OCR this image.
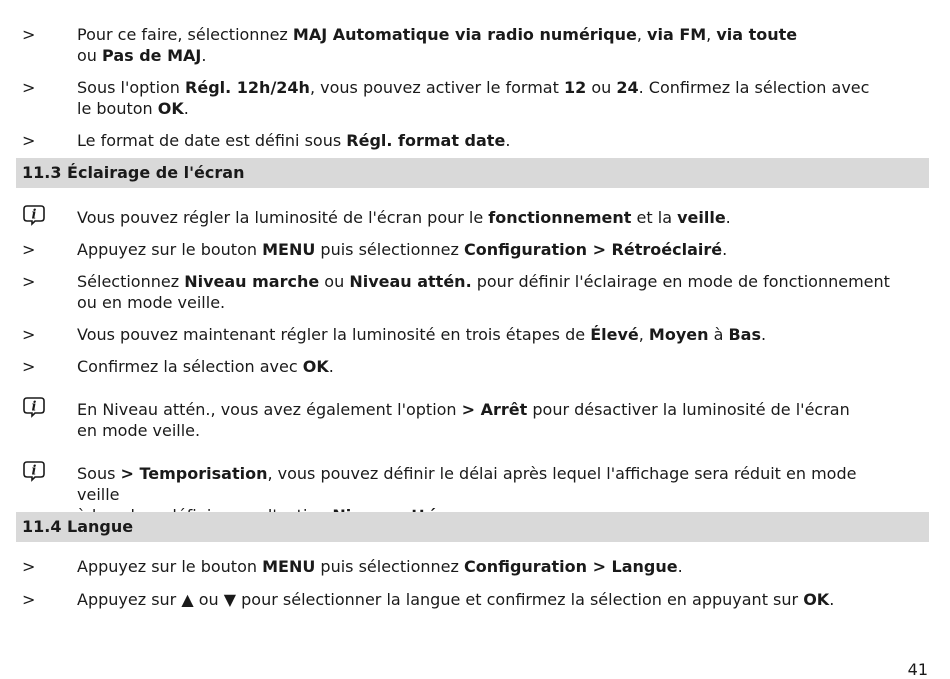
>	Pour ce faire, sélectionnez MAJ Automatique via radio numérique, via FM, via toute
ou Pas de MAJ.
>	Sous l'option Régl. 12h/24h, vous pouvez activer le format 12 ou 24. Confirmez la sélection avec
le bouton OK.
>	Le format de date est défini sous Régl. format date.
11.3 Éclairage de l'écran
i	Vous pouvez régler la luminosité de l'écran pour le fonctionnement et la veille.
>	Appuyez sur le bouton MENU puis sélectionnez Configuration > Rétroéclairé.
>	Sélectionnez Niveau marche ou Niveau attén. pour définir l'éclairage en mode de fonctionnement
ou en mode veille.
>	Vous pouvez maintenant régler la luminosité en trois étapes de Élevé, Moyen à Bas.
>	Confirmez la sélection avec OK.
i	En Niveau attén., vous avez également l'option > Arrêt pour désactiver la luminosité de l'écran
en mode veille.
i	Sous > Temporisation, vous pouvez définir le délai après lequel l'affichage sera réduit en mode veille

11.4 Langue
>	Appuyez sur le bouton MENU puis sélectionnez Configuration > Langue.
>	Appuyez sur ▲ ou ▼ pour sélectionner la langue et confirmez la sélection en appuyant sur OK.
41
